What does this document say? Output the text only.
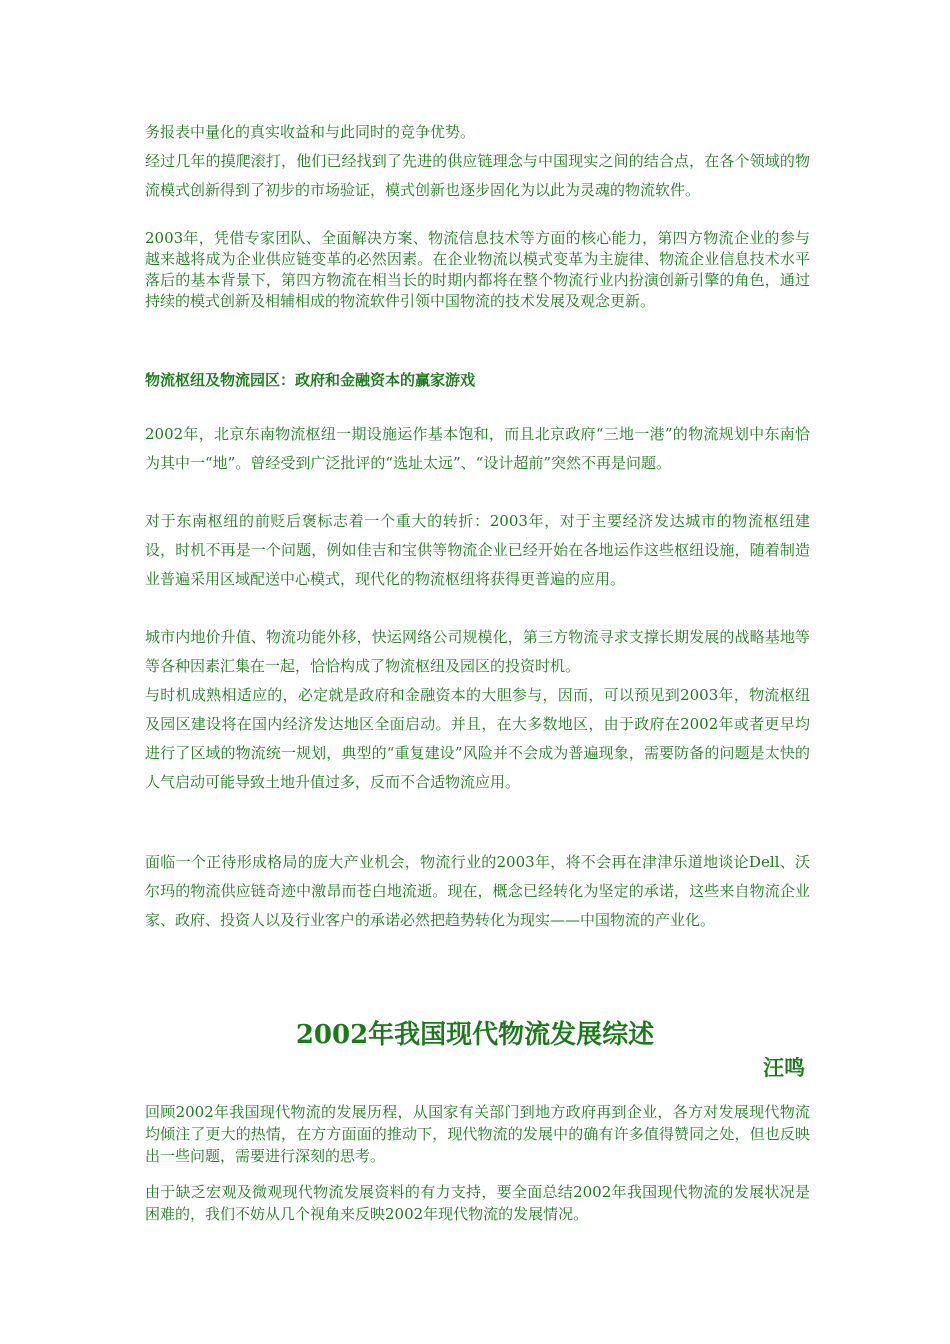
务报表中量化的真实收益和与此同时的竞争优势。

经过几年的摸爬滚打，他们已经找到了先进的供应链理念与中国现实之间的结合点，在各个领域的物流模式创新得到了初步的市场验证，模式创新也逐步固化为以此为灵魂的物流软件。

2003年，凭借专家团队、全面解决方案、物流信息技术等方面的核心能力，第四方物流企业的参与越来越将成为企业供应链变革的必然因素。在企业物流以模式变革为主旋律、物流企业信息技术水平落后的基本背景下，第四方物流在相当长的时期内都将在整个物流行业内扮演创新引擎的角色，通过持续的模式创新及相辅相成的物流软件引领中国物流的技术发展及观念更新。

物流枢纽及物流园区：政府和金融资本的赢家游戏

2002年，北京东南物流枢纽一期设施运作基本饱和，而且北京政府“三地一港”的物流规划中东南恰为其中一“地”。曾经受到广泛批评的“选址太远”、“设计超前”突然不再是问题。

对于东南枢纽的前贬后褒标志着一个重大的转折：2003年，对于主要经济发达城市的物流枢纽建设，时机不再是一个问题，例如佳吉和宝供等物流企业已经开始在各地运作这些枢纽设施，随着制造业普遍采用区域配送中心模式，现代化的物流枢纽将获得更普遍的应用。

城市内地价升值、物流功能外移，快运网络公司规模化，第三方物流寻求支撑长期发展的战略基地等等各种因素汇集在一起，恰恰构成了物流枢纽及园区的投资时机。

与时机成熟相适应的，必定就是政府和金融资本的大胆参与，因而，可以预见到2003年，物流枢纽及园区建设将在国内经济发达地区全面启动。并且，在大多数地区，由于政府在2002年或者更早均进行了区域的物流统一规划，典型的“重复建设”风险并不会成为普遍现象，需要防备的问题是太快的人气启动可能导致土地升值过多，反而不合适物流应用。

面临一个正待形成格局的庞大产业机会，物流行业的2003年，将不会再在津津乐道地谈论Dell、沃尔玛的物流供应链奇迹中激昂而苍白地流逝。现在，概念已经转化为坚定的承诺，这些来自物流企业家、政府、投资人以及行业客户的承诺必然把趋势转化为现实——中国物流的产业化。

2002年我国现代物流发展综述
汪鸣

回顾2002年我国现代物流的发展历程，从国家有关部门到地方政府再到企业，各方对发展现代物流均倾注了更大的热情，在方方面面的推动下，现代物流的发展中的确有许多值得赞同之处，但也反映出一些问题，需要进行深刻的思考。

由于缺乏宏观及微观现代物流发展资料的有力支持，要全面总结2002年我国现代物流的发展状况是困难的，我们不妨从几个视角来反映2002年现代物流的发展情况。
